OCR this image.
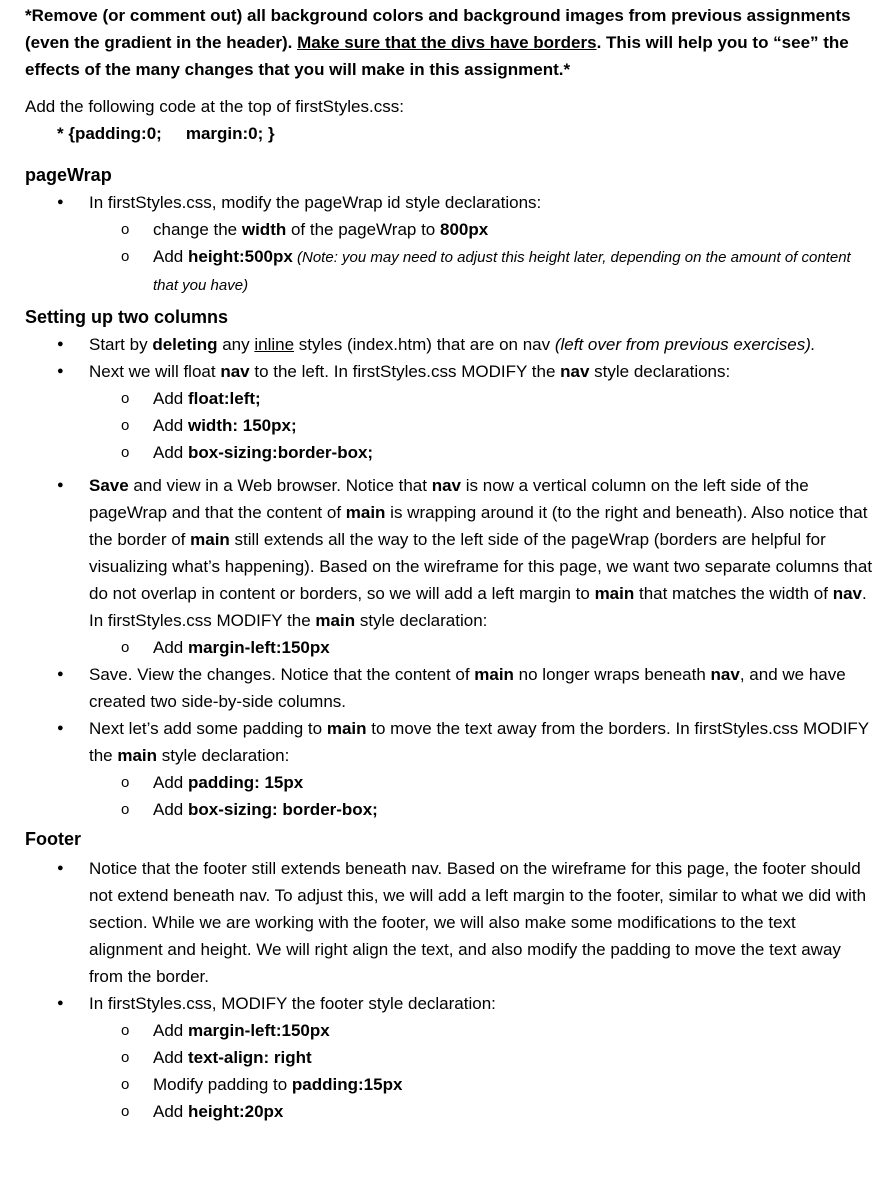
*Remove (or comment out) all background colors and background images from previous assignments (even the gradient in the header). Make sure that the divs have borders. This will help you to “see” the effects of the many changes that you will make in this assignment.*

Add the following code at the top of firstStyles.css:

* {padding:0; margin:0; }

pageWrap
● In firstStyles.css, modify the pageWrap id style declarations:
o change the width of the pageWrap to 800px
o Add height:500px (Note: you may need to adjust this height later, depending on the amount of content that you have)
Setting up two columns
● Start by deleting any inline styles (index.htm) that are on nav (left over from previous exercises).
● Next we will float nav to the left. In firstStyles.css MODIFY the nav style declarations:
o Add float:left;
o Add width: 150px;
o Add box-sizing:border-box;
● Save and view in a Web browser. Notice that nav is now a vertical column on the left side of the pageWrap and that the content of main is wrapping around it (to the right and beneath). Also notice that the border of main still extends all the way to the left side of the pageWrap (borders are helpful for visualizing what’s happening). Based on the wireframe for this page, we want two separate columns that do not overlap in content or borders, so we will add a left margin to main that matches the width of nav. In firstStyles.css MODIFY the main style declaration:
o Add margin-left:150px
● Save. View the changes. Notice that the content of main no longer wraps beneath nav, and we have created two side-by-side columns.
● Next let’s add some padding to main to move the text away from the borders. In firstStyles.css MODIFY the main style declaration:
o Add padding: 15px
o Add box-sizing: border-box;
Footer
● Notice that the footer still extends beneath nav. Based on the wireframe for this page, the footer should not extend beneath nav. To adjust this, we will add a left margin to the footer, similar to what we did with section. While we are working with the footer, we will also make some modifications to the text alignment and height. We will right align the text, and also modify the padding to move the text away from the border.
● In firstStyles.css, MODIFY the footer style declaration:
o Add margin-left:150px
o Add text-align: right
o Modify padding to padding:15px
o Add height:20px
